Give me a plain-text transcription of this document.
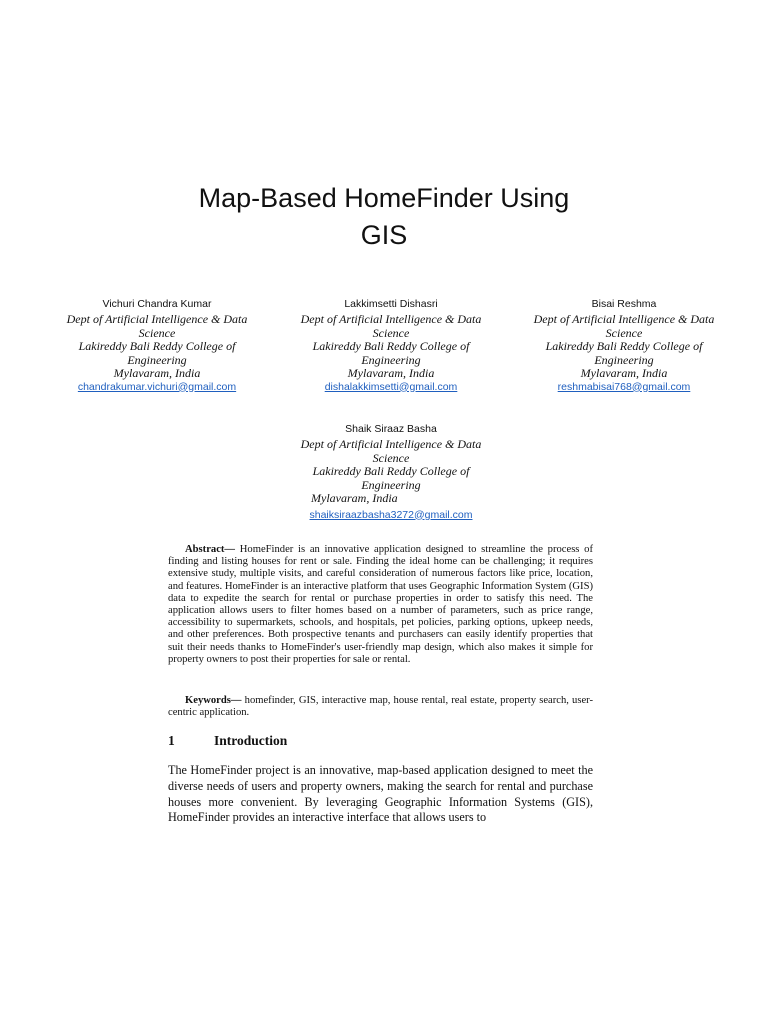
Map-Based HomeFinder Using
GIS
Vichuri Chandra Kumar
Dept of Artificial Intelligence & Data
Science
Lakireddy Bali Reddy College of
Engineering
Mylavaram, India
chandrakumar.vichuri@gmail.com
Lakkimsetti Dishasri
Dept of Artificial Intelligence & Data
Science
Lakireddy Bali Reddy College of
Engineering
Mylavaram, India
dishalakkimsetti@gmail.com
Bisai Reshma
Dept of Artificial Intelligence & Data
Science
Lakireddy Bali Reddy College of
Engineering
Mylavaram, India
reshmabisai768@gmail.com
Shaik Siraaz Basha
Dept of Artificial Intelligence & Data
Science
Lakireddy Bali Reddy College of
Engineering
Mylavaram, India
shaiksiraazbasha3272@gmail.com

Abstract— HomeFinder is an innovative application designed to streamline the process of finding and listing houses for rent or sale. Finding the ideal home can be challenging; it requires extensive study, multiple visits, and careful consideration of numerous factors like price, location, and features. HomeFinder is an interactive platform that uses Geographic Information System (GIS) data to expedite the search for rental or purchase properties in order to satisfy this need. The application allows users to filter homes based on a number of parameters, such as price range, accessibility to supermarkets, schools, and hospitals, pet policies, parking options, upkeep needs, and other preferences. Both prospective tenants and purchasers can easily identify properties that suit their needs thanks to HomeFinder's user-friendly map design, which also makes it simple for property owners to post their properties for sale or rental.

Keywords— homefinder, GIS, interactive map, house rental, real estate, property search, user-centric application.

1	Introduction

The HomeFinder project is an innovative, map-based application designed to meet the diverse needs of users and property owners, making the search for rental and purchase houses more convenient. By leveraging Geographic Information Systems (GIS), HomeFinder provides an interactive interface that allows users to
